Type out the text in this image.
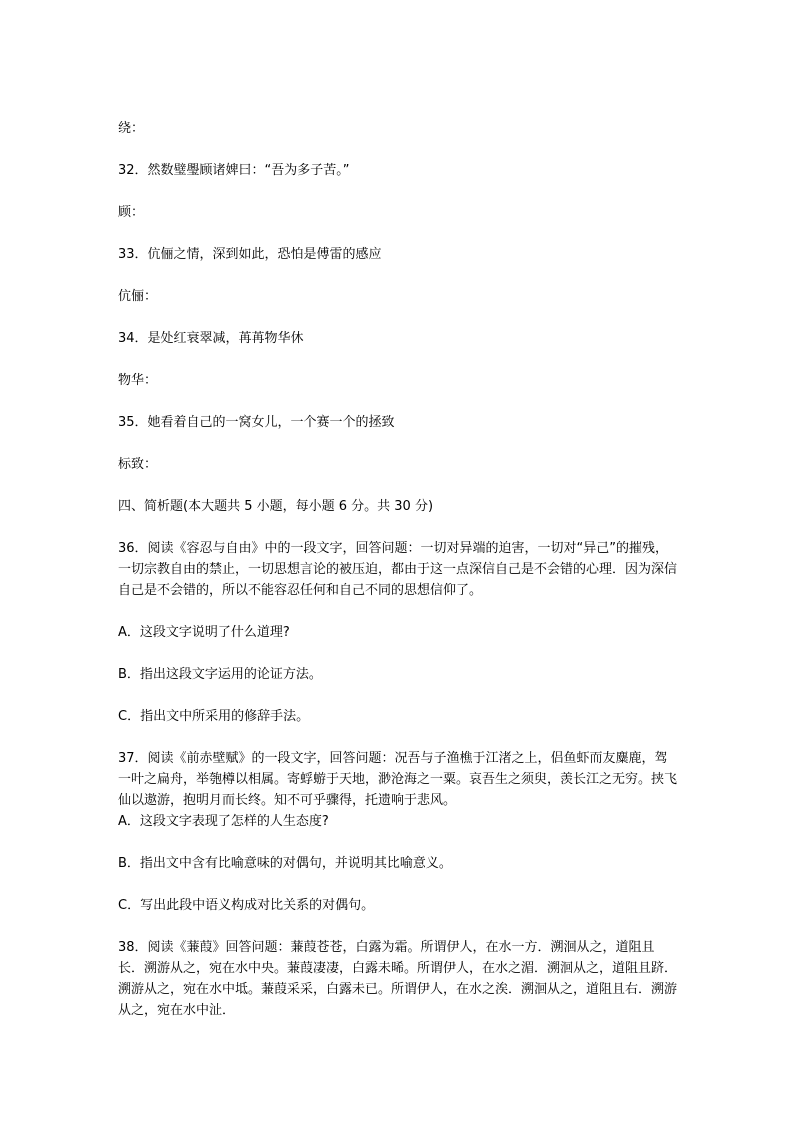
绕：

32．然数璧璺顾诸婢曰：“吾为多子苦。”

顾：

33．伉俪之情，深到如此，恐怕是傅雷的感应

伉俪：

34．是处红衰翠减，苒苒物华休

物华：

35．她看着自己的一窝女儿，一个赛一个的拯致

标致：

四、简析题(本大题共 5 小题，每小题 6 分。共 30 分)

36．阅读《容忍与自由》中的一段文字，回答问题：一切对异端的迫害，一切对“异己”的摧残，一切宗教自由的禁止，一切思想言论的被压迫，都由于这一点深信自己是不会错的心理．因为深信自己是不会错的，所以不能容忍任何和自己不同的思想信仰了。

A．这段文字说明了什么道理?

B．指出这段文字运用的论证方法。

C．指出文中所采用的修辞手法。

37．阅读《前赤壁赋》的一段文字，回答问题：况吾与子渔樵于江渚之上，侣鱼虾而友麋鹿，驾一叶之扁舟，举匏樽以相属。寄蜉蝣于天地，渺沧海之一粟。哀吾生之须臾，羡长江之无穷。挟飞仙以遨游，抱明月而长终。知不可乎骤得，托遗响于悲风。

A．这段文字表现了怎样的人生态度?

B．指出文中含有比喻意味的对偶句，并说明其比喻意义。

C．写出此段中语义构成对比关系的对偶句。

38．阅读《蒹葭》回答问题：蒹葭苍苍，白露为霜。所谓伊人，在水一方．溯洄从之，道阻且长．溯游从之，宛在水中央。蒹葭凄凄，白露未晞。所谓伊人，在水之湄．溯洄从之，道阻且跻．溯游从之，宛在水中坻。蒹葭采采，白露未已。所谓伊人，在水之涘．溯洄从之，道阻且右．溯游从之，宛在水中沚．
